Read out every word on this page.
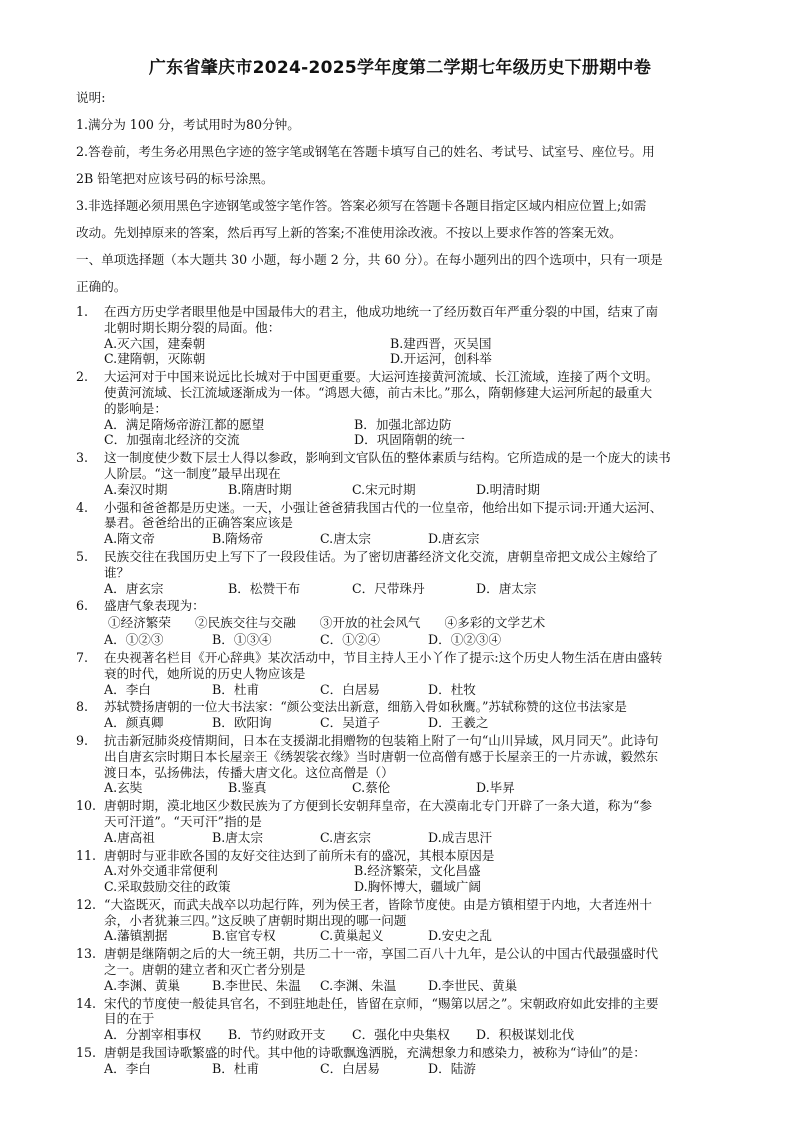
广东省肇庆市2024-2025学年度第二学期七年级历史下册期中卷
说明:
1.满分为 100 分，考试用时为80分钟。
2.答卷前，考生务必用黑色字迹的签字笔或钢笔在答题卡填写自己的姓名、考试号、试室号、座位号。用
2B 铅笔把对应该号码的标号涂黑。
3.非选择题必须用黑色字迹钢笔或签字笔作答。答案必须写在答题卡各题目指定区域内相应位置上;如需
改动。先划掉原来的答案，然后再写上新的答案;不准使用涂改液。不按以上要求作答的答案无效。
一、单项选择题（本大题共 30 小题，每小题 2 分，共 60 分）。在每小题列出的四个选项中，只有一项是
正确的。
1. 在西方历史学者眼里他是中国最伟大的君主，他成功地统一了经历数百年严重分裂的中国，结束了南
北朝时期长期分裂的局面。他：
A.灭六国，建秦朝	B.建西晋，灭吴国
C.建隋朝，灭陈朝	D.开运河，创科举
2. 大运河对于中国来说远比长城对于中国更重要。大运河连接黄河流域、长江流域，连接了两个文明。
使黄河流域、长江流域逐渐成为一体。“鸿恩大德，前古未比。”那么，隋朝修建大运河所起的最重大
的影响是：
A．满足隋炀帝游江都的愿望	B．加强北部边防
C．加强南北经济的交流	D．巩固隋朝的统一
3. 这一制度使少数下层士人得以参政，影响到文官队伍的整体素质与结构。它所造成的是一个庞大的读书
人阶层。“这一制度”最早出现在
A.秦汉时期	B.隋唐时期	C.宋元时期	D.明清时期
4. 小强和爸爸都是历史迷。一天，小强让爸爸猜我国古代的一位皇帝，他给出如下提示词:开通大运河、
暴君。爸爸给出的正确答案应该是
A.隋文帝	B.隋炀帝	C.唐太宗	D.唐玄宗
5. 民族交往在我国历史上写下了一段段佳话。为了密切唐蕃经济文化交流，唐朝皇帝把文成公主嫁给了
谁？
A．唐玄宗	B．松赞干布	C．尺带珠丹	D．唐太宗
6. 盛唐气象表现为：
①经济繁荣 ②民族交往与交融 ③开放的社会风气 ④多彩的文学艺术
A．①②③	B．①③④	C．①②④	D．①②③④
7. 在央视著名栏目《开心辞典》某次活动中，节目主持人王小丫作了提示:这个历史人物生活在唐由盛转
衰的时代，她所说的历史人物应该是
A．李白	B．杜甫	C．白居易	D．杜牧
8. 苏轼赞扬唐朝的一位大书法家：“颜公变法出新意，细筋入骨如秋鹰。”苏轼称赞的这位书法家是
A．颜真卿	B．欧阳询	C．吴道子	D．王羲之
9. 抗击新冠肺炎疫情期间，日本在支援湖北捐赠物的包装箱上附了一句“山川异域，风月同天”。此诗句
出自唐玄宗时期日本长屋亲王《绣袈裟衣缘》当时唐朝一位高僧有感于长屋亲王的一片赤诚，毅然东
渡日本，弘扬佛法，传播大唐文化。这位高僧是（）
A.玄奘	B.鉴真	C.蔡伦	D.毕昇
10. 唐朝时期，漠北地区少数民族为了方便到长安朝拜皇帝，在大漠南北专门开辟了一条大道，称为“参
天可汗道”。“天可汗”指的是
A.唐高祖	B.唐太宗	C.唐玄宗	D.成吉思汗
11. 唐朝时与亚非欧各国的友好交往达到了前所未有的盛况，其根本原因是
A.对外交通非常便利	B.经济繁荣，文化昌盛
C.采取鼓励交往的政策	D.胸怀博大，疆域广阔
12. “大盗既灭，而武夫战卒以功起行阵，列为侯王者，皆除节度使。由是方镇相望于内地，大者连州十
余，小者犹兼三四。”这反映了唐朝时期出现的哪一问题
A.藩镇割据	B.宦官专权	C.黄巢起义	D.安史之乱
13. 唐朝是继隋朝之后的大一统王朝，共历二十一帝，享国二百八十九年，是公认的中国古代最强盛时代
之一。唐朝的建立者和灭亡者分别是
A.李渊、黄巢	B.李世民、朱温	C.李渊、朱温	D.李世民、黄巢
14. 宋代的节度使一般徒具官名，不到驻地赴任，皆留在京师，“赐第以居之”。宋朝政府如此安排的主要
目的在于
A．分割宰相事权	B．节约财政开支	C．强化中央集权	D．积极谋划北伐
15. 唐朝是我国诗歌繁盛的时代。其中他的诗歌飘逸洒脱，充满想象力和感染力，被称为“诗仙”的是：
A．李白	B．杜甫	C．白居易	D．陆游
